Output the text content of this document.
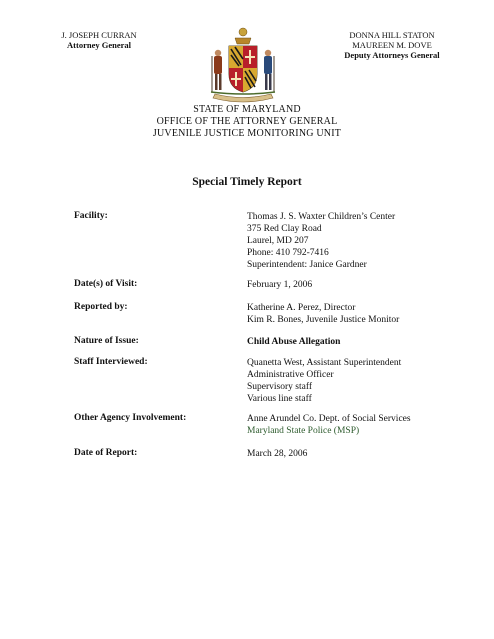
J. JOSEPH CURRAN
Attorney General
DONNA HILL STATON
MAUREEN M. DOVE
Deputy Attorneys General
STATE OF MARYLAND
OFFICE OF THE ATTORNEY GENERAL
JUVENILE JUSTICE MONITORING UNIT
Special Timely Report
Facility:	Thomas J. S. Waxter Children’s Center
375 Red Clay Road
Laurel, MD 207
Phone: 410 792-7416
Superintendent: Janice Gardner
Date(s) of Visit:	February 1, 2006
Reported by:	Katherine A. Perez, Director
Kim R. Bones, Juvenile Justice Monitor
Nature of Issue:	Child Abuse Allegation
Staff Interviewed:	Quanetta West, Assistant Superintendent
Administrative Officer
Supervisory staff
Various line staff
Other Agency Involvement:	Anne Arundel Co. Dept. of Social Services
Maryland State Police (MSP)
Date of Report:	March 28, 2006
